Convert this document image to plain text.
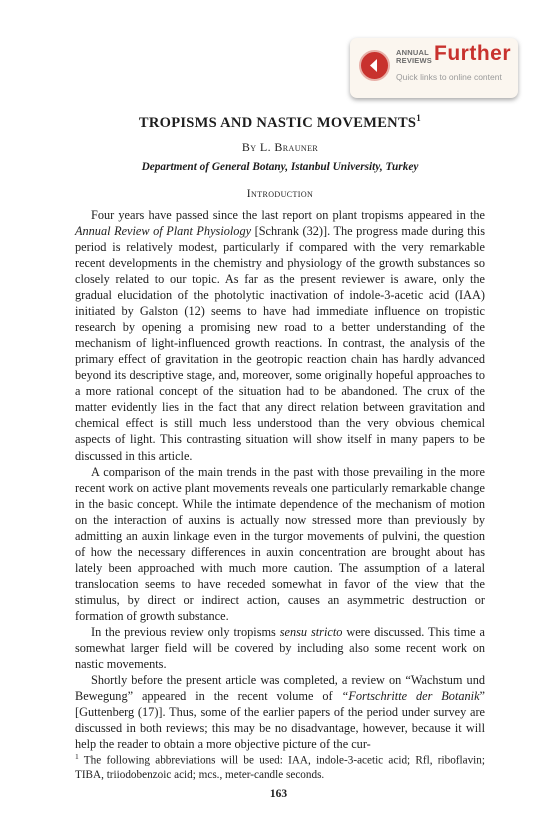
ANNUAL
REVIEWS Further
Quick links to online content
TROPISMS AND NASTIC MOVEMENTS$^1$
By L. Brauner
Department of General Botany, Istanbul University, Turkey
Introduction

Four years have passed since the last report on plant tropisms appeared in the Annual Review of Plant Physiology [Schrank (32)]. The progress made during this period is relatively modest, particularly if compared with the very remarkable recent developments in the chemistry and physiology of the growth substances so closely related to our topic. As far as the present reviewer is aware, only the gradual elucidation of the photolytic inactivation of indole-3-acetic acid (IAA) initiated by Galston (12) seems to have had immediate influence on tropistic research by opening a promising new road to a better understanding of the mechanism of light-influenced growth reactions. In contrast, the analysis of the primary effect of gravitation in the geotropic reaction chain has hardly advanced beyond its descriptive stage, and, moreover, some originally hopeful approaches to a more rational concept of the situation had to be abandoned. The crux of the matter evidently lies in the fact that any direct relation between gravitation and chemical effect is still much less understood than the very obvious chemical aspects of light. This contrasting situation will show itself in many papers to be discussed in this article.

A comparison of the main trends in the past with those prevailing in the more recent work on active plant movements reveals one particularly remarkable change in the basic concept. While the intimate dependence of the mechanism of motion on the interaction of auxins is actually now stressed more than previously by admitting an auxin linkage even in the turgor movements of pulvini, the question of how the necessary differences in auxin concentration are brought about has lately been approached with much more caution. The assumption of a lateral translocation seems to have receded somewhat in favor of the view that the stimulus, by direct or indirect action, causes an asymmetric destruction or formation of growth substance.

In the previous review only tropisms sensu stricto were discussed. This time a somewhat larger field will be covered by including also some recent work on nastic movements.

Shortly before the present article was completed, a review on “Wachstum und Bewegung” appeared in the recent volume of “Fortschritte der Botanik” [Guttenberg (17)]. Thus, some of the earlier papers of the period under survey are discussed in both reviews; this may be no disadvantage, however, because it will help the reader to obtain a more objective picture of the cur-

$^1$ The following abbreviations will be used: IAA, indole-3-acetic acid; Rfl, riboflavin; TIBA, triiodobenzoic acid; mcs., meter-candle seconds.
163
